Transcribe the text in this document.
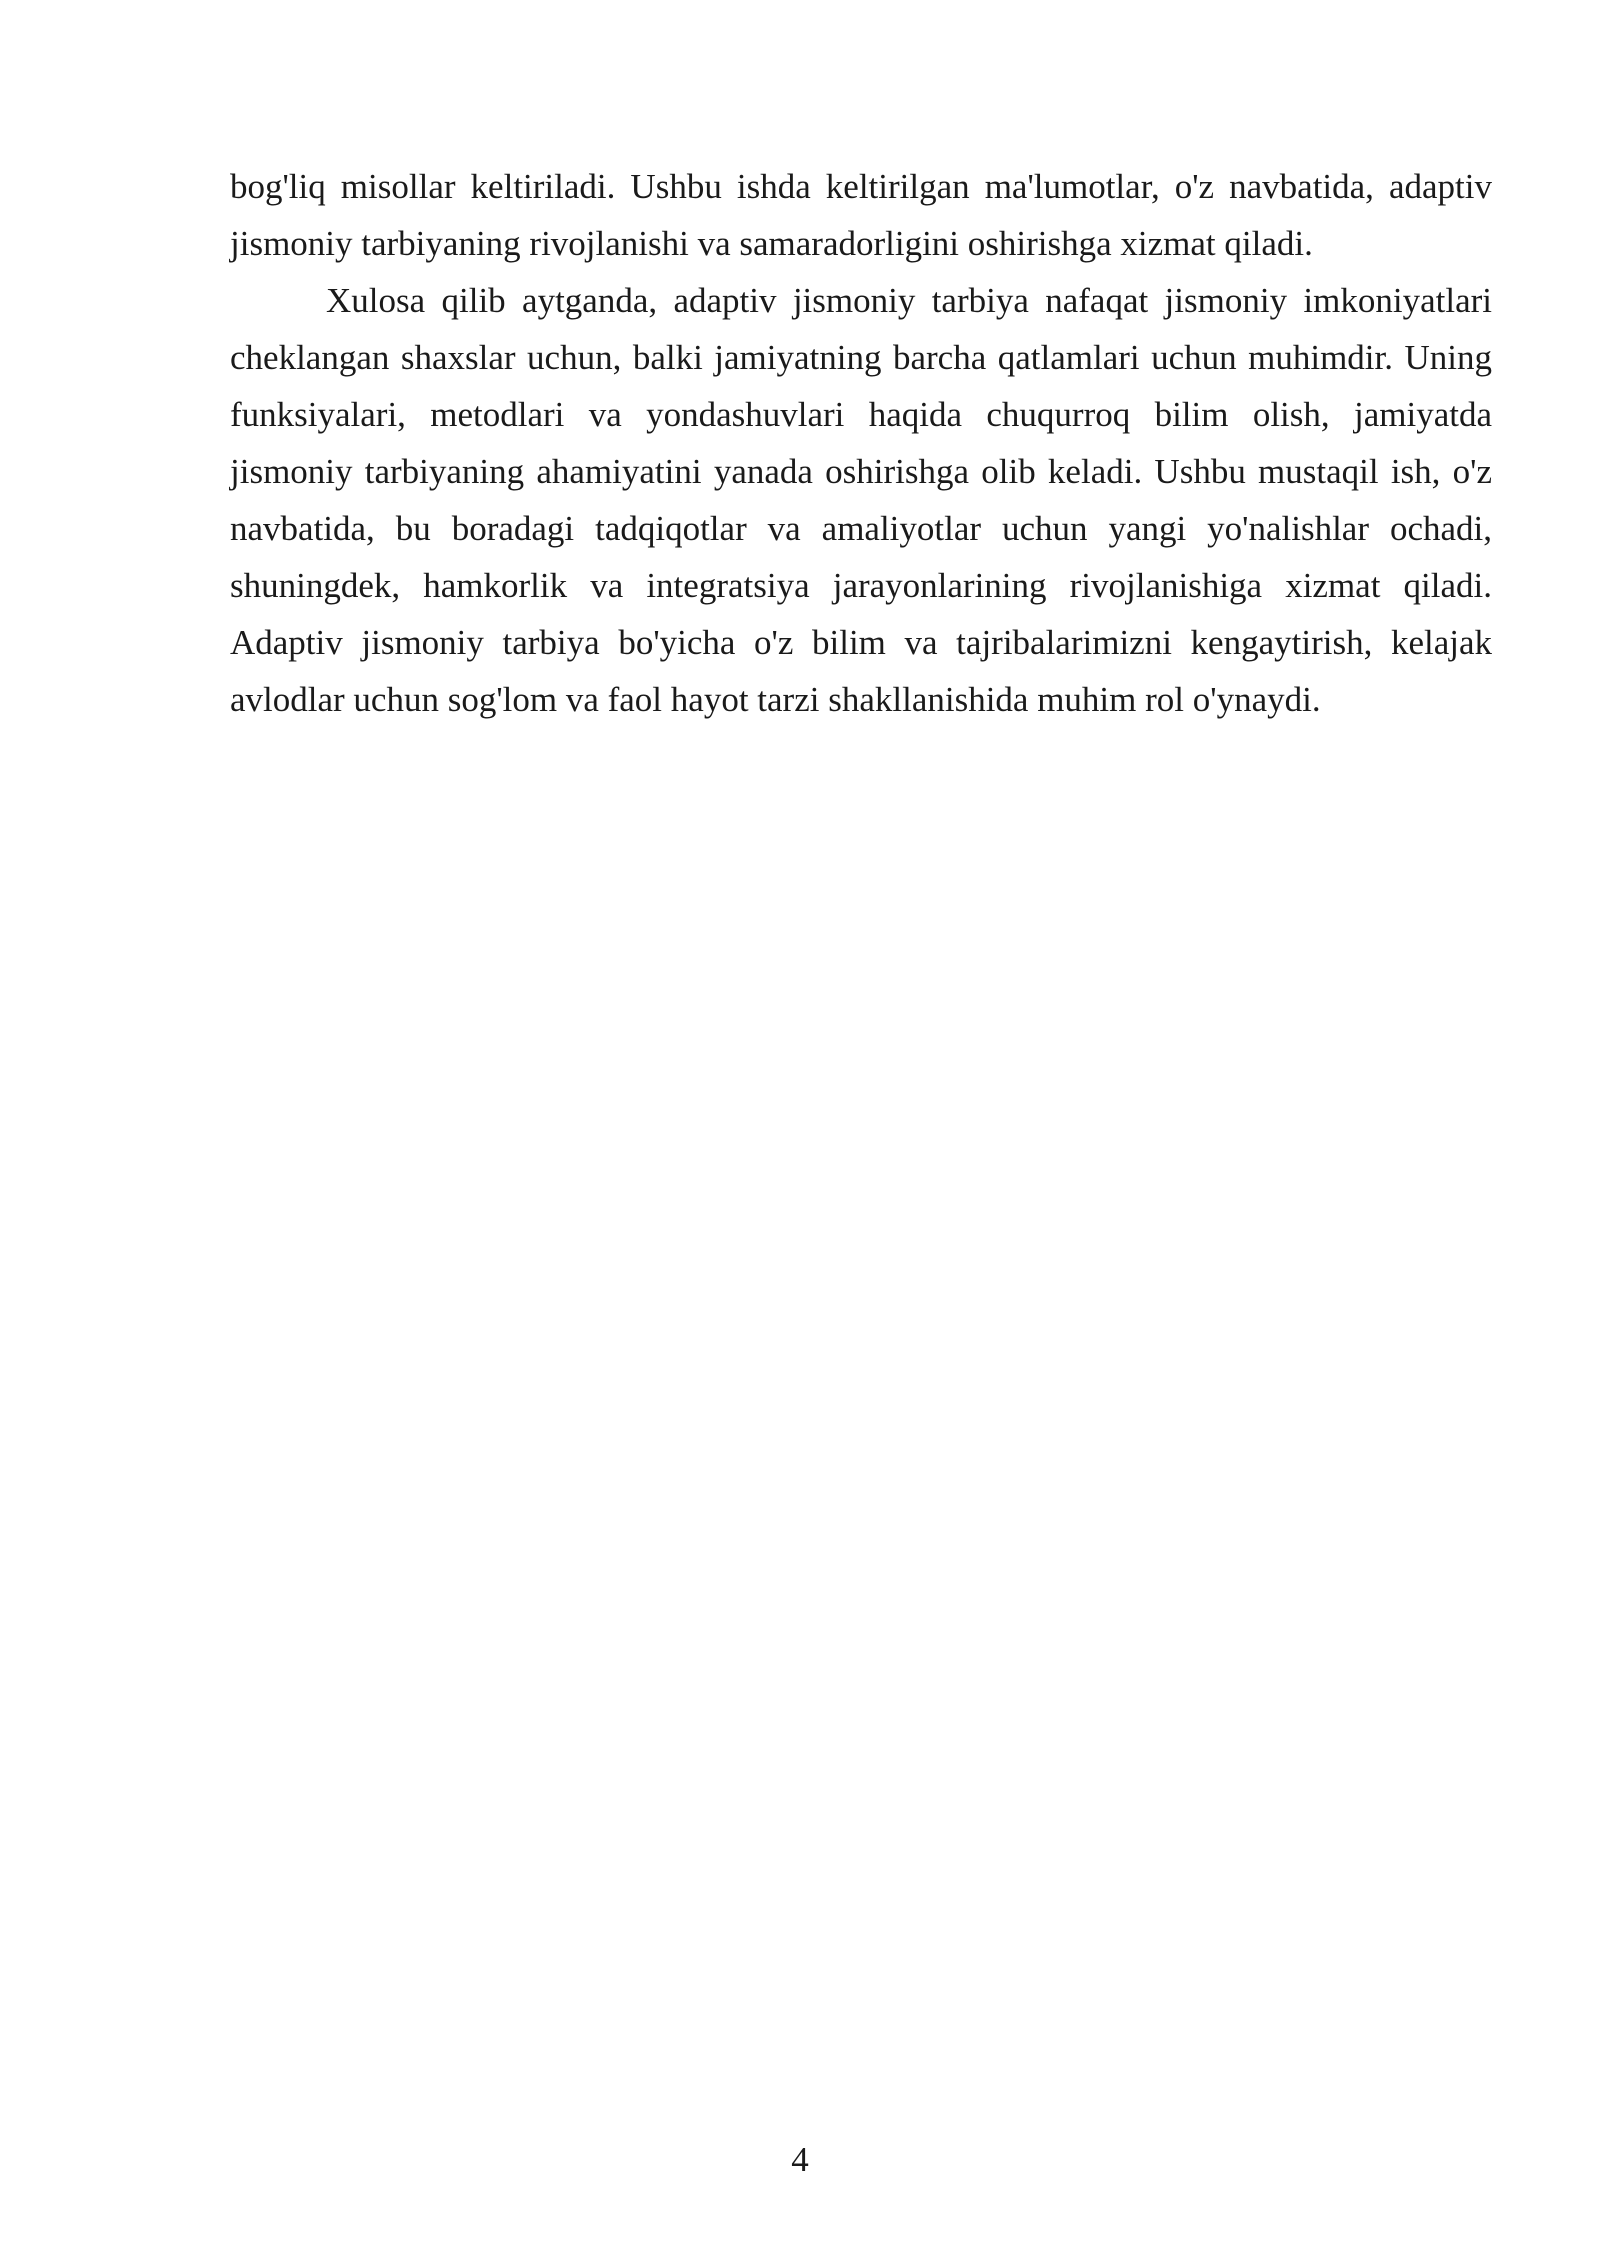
bog'liq misollar keltiriladi. Ushbu ishda keltirilgan ma'lumotlar, o'z navbatida, adaptiv jismoniy tarbiyaning rivojlanishi va samaradorligini oshirishga xizmat qiladi.

Xulosa qilib aytganda, adaptiv jismoniy tarbiya nafaqat jismoniy imkoniyatlari cheklangan shaxslar uchun, balki jamiyatning barcha qatlamlari uchun muhimdir. Uning funksiyalari, metodlari va yondashuvlari haqida chuqurroq bilim olish, jamiyatda jismoniy tarbiyaning ahamiyatini yanada oshirishga olib keladi. Ushbu mustaqil ish, o'z navbatida, bu boradagi tadqiqotlar va amaliyotlar uchun yangi yo'nalishlar ochadi, shuningdek, hamkorlik va integratsiya jarayonlarining rivojlanishiga xizmat qiladi. Adaptiv jismoniy tarbiya bo'yicha o'z bilim va tajribalarimizni kengaytirish, kelajak avlodlar uchun sog'lom va faol hayot tarzi shakllanishida muhim rol o'ynaydi.

4
